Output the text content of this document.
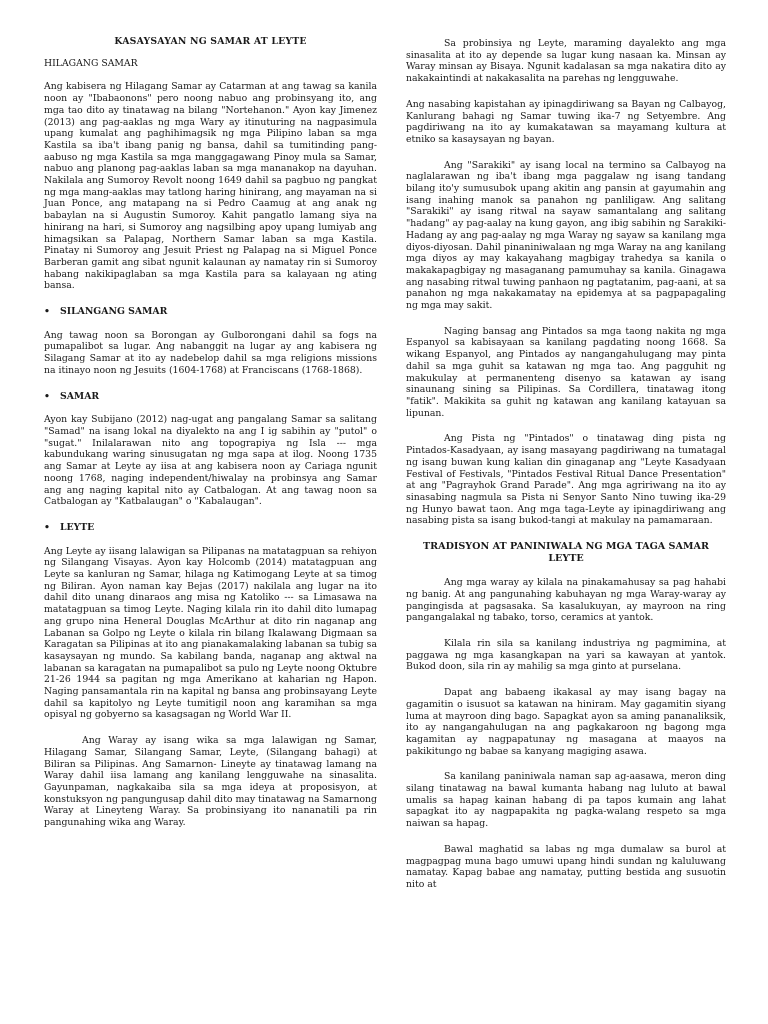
KASAYSAYAN NG SAMAR AT LEYTE
HILAGANG SAMAR

Ang kabisera ng Hilagang Samar ay Catarman at ang tawag sa kanila noon ay "Ibabaonons" pero noong nabuo ang probinsyang ito, ang mga tao dito ay tinatawag na bilang "Nortehanon." Ayon kay Jimenez (2013) ang pag-aaklas ng mga Wary ay itinuturing na nagpasimula upang kumalat ang paghihimagsik ng mga Pilipino laban sa mga Kastila sa iba't ibang panig ng bansa, dahil sa tumitinding pang-aabuso ng mga Kastila sa mga manggagawang Pinoy mula sa Samar, nabuo ang planong pag-aaklas laban sa mga mananakop na dayuhan. Nakilala ang Sumoroy Revolt noong 1649 dahil sa pagbuo ng pangkat ng mga mang-aaklas may tatlong haring hinirang, ang mayaman na si Juan Ponce, ang matapang na si Pedro Caamug at ang anak ng babaylan na si Augustin Sumoroy. Kahit pangatlo lamang siya na hinirang na hari, si Sumoroy ang nagsilbing apoy upang lumiyab ang himagsikan sa Palapag, Northern Samar laban sa mga Kastila. Pinatay ni Sumoroy ang Jesuit Priest ng Palapag na si Miguel Ponce Barberan gamit ang sibat ngunit kalaunan ay namatay rin si Sumoroy habang nakikipaglaban sa mga Kastila para sa kalayaan ng ating bansa.

•	SILANGANG SAMAR

Ang tawag noon sa Borongan ay Gulborongani dahil sa fogs na pumapalibot sa lugar. Ang nabanggit na lugar ay ang kabisera ng Silagang Samar at ito ay nadebelop dahil sa mga religions missions na itinayo noon ng Jesuits (1604-1768) at Franciscans (1768-1868).

•	SAMAR

Ayon kay Subijano (2012) nag-ugat ang pangalang Samar sa salitang "Samad" na isang lokal na diyalekto na ang I ig sabihin ay "putol" o "sugat." Inilalarawan nito ang topograpiya ng Isla --- mga kabundukang waring sinusugatan ng mga sapa at ilog. Noong 1735 ang Samar at Leyte ay iisa at ang kabisera noon ay Cariaga ngunit noong 1768, naging independent/hiwalay na probinsya ang Samar ang ang naging kapital nito ay Catbalogan. At ang tawag noon sa Catbalogan ay "Katbalaugan" o "Kabalaugan".

•	LEYTE

Ang Leyte ay iisang lalawigan sa Pilipanas na matatagpuan sa rehiyon ng Silangang Visayas. Ayon kay Holcomb (2014) matatagpuan ang Leyte sa kanluran ng Samar, hilaga ng Katimogang Leyte at sa timog ng Biliran. Ayon naman kay Bejas (2017) nakilala ang lugar na ito dahil dito unang dinaraos ang misa ng Katoliko --- sa Limasawa na matatagpuan sa timog Leyte. Naging kilala rin ito dahil dito lumapag ang grupo nina Heneral Douglas McArthur at dito rin naganap ang Labanan sa Golpo ng Leyte o kilala rin bilang Ikalawang Digmaan sa Karagatan sa Pilipinas at ito ang pianakamalaking labanan sa tubig sa kasaysayan ng mundo. Sa kabilang banda, naganap ang aktwal na labanan sa karagatan na pumapalibot sa pulo ng Leyte noong Oktubre 21-26 1944 sa pagitan ng mga Amerikano at kaharian ng Hapon. Naging pansamantala rin na kapital ng bansa ang probinsayang Leyte dahil sa kapitolyo ng Leyte tumitigil noon ang karamihan sa mga opisyal ng gobyerno sa kasagsagan ng World War II.

Ang Waray ay isang wika sa mga lalawigan ng Samar, Hilagang Samar, Silangang Samar, Leyte, (Silangang bahagi) at Biliran sa Pilipinas. Ang Samarnon- Lineyte ay tinatawag lamang na Waray dahil iisa lamang ang kanilang lengguwahe na sinasalita. Gayunpaman, nagkakaiba sila sa mga ideya at proposisyon, at konstuksyon ng pangungusap dahil dito may tinatawag na Samarnong Waray at Lineyteng Waray. Sa probinsiyang ito nananatili pa rin pangunahing wika ang Waray.

Sa probinsiya ng Leyte, maraming dayalekto ang mga sinasalita at ito ay depende sa lugar kung nasaan ka. Minsan ay Waray minsan ay Bisaya. Ngunit kadalasan sa mga nakatira dito ay nakakaintindi at nakakasalita na parehas ng lengguwahe.

Ang nasabing kapistahan ay ipinagdiriwang sa Bayan ng Calbayog, Kanlurang bahagi ng Samar tuwing ika-7 ng Setyembre. Ang pagdiriwang na ito ay kumakatawan sa mayamang kultura at etniko sa kasaysayan ng bayan.

Ang "Sarakiki" ay isang local na termino sa Calbayog na naglalarawan ng iba't ibang mga paggalaw ng isang tandang bilang ito'y sumusubok upang akitin ang pansin at gayumahin ang isang inahing manok sa panahon ng panliligaw. Ang salitang "Sarakiki" ay isang ritwal na sayaw samantalang ang salitang "hadang" ay pag-aalay na kung gayon, ang ibig sabihin ng Sarakiki-Hadang ay ang pag-aalay ng mga Waray ng sayaw sa kanilang mga diyos-diyosan. Dahil pinaniniwalaan ng mga Waray na ang kanilang mga diyos ay may kakayahang magbigay trahedya sa kanila o makakapagbigay ng masaganang pamumuhay sa kanila. Ginagawa ang nasabing ritwal tuwing panhaon ng pagtatanim, pag-aani, at sa panahon ng mga nakakamatay na epidemya at sa pagpapagaling ng mga may sakit.

Naging bansag ang Pintados sa mga taong nakita ng mga Espanyol sa kabisayaan sa kanilang pagdating noong 1668. Sa wikang Espanyol, ang Pintados ay nangangahulugang may pinta dahil sa mga guhit sa katawan ng mga tao. Ang pagguhit ng makukulay at permanenteng disenyo sa katawan ay isang sinaunang sining sa Pilipinas. Sa Cordillera, tinatawag itong "fatik". Makikita sa guhit ng katawan ang kanilang katayuan sa lipunan.

Ang Pista ng "Pintados" o tinatawag ding pista ng Pintados-Kasadyaan, ay isang masayang pagdiriwang na tumatagal ng isang buwan kung kalian din ginaganap ang "Leyte Kasadyaan Festival of Festivals, "Pintados Festival Ritual Dance Presentation" at ang "Pagrayhok Grand Parade". Ang mga agririwang na ito ay sinasabing nagmula sa Pista ni Senyor Santo Nino tuwing ika-29 ng Hunyo bawat taon. Ang mga taga-Leyte ay ipinagdiriwang ang nasabing pista sa isang bukod-tangi at makulay na pamamaraan.

TRADISYON AT PANINIWALA NG MGA TAGA SAMAR LEYTE

Ang mga waray ay kilala na pinakamahusay sa pag hahabi ng banig. At ang pangunahing kabuhayan ng mga Waray-waray ay pangingisda at pagsasaka. Sa kasalukuyan, ay mayroon na ring pangangalakal ng tabako, torso, ceramics at yantok.

Kilala rin sila sa kanilang industriya ng pagmimina, at paggawa ng mga kasangkapan na yari sa kawayan at yantok. Bukod doon, sila rin ay mahilig sa mga ginto at purselana.

Dapat ang babaeng ikakasal ay may isang bagay na gagamitin o isusuot sa katawan na hiniram. May gagamitin siyang luma at mayroon ding bago. Sapagkat ayon sa aming pananaliksik, ito ay nangangahulugan na ang pagkakaroon ng bagong mga kagamitan ay nagpapatunay ng masagana at maayos na pakikitungo ng babae sa kanyang magiging asawa.

Sa kanilang paniniwala naman sap ag-aasawa, meron ding silang tinatawag na bawal kumanta habang nag luluto at bawal umalis sa hapag kainan habang di pa tapos kumain ang lahat sapagkat ito ay nagpapakita ng pagka-walang respeto sa mga naiwan sa hapag.

Bawal maghatid sa labas ng mga dumalaw sa burol at magpagpag muna bago umuwi upang hindi sundan ng kaluluwang namatay. Kapag babae ang namatay, putting bestida ang susuotin nito at
